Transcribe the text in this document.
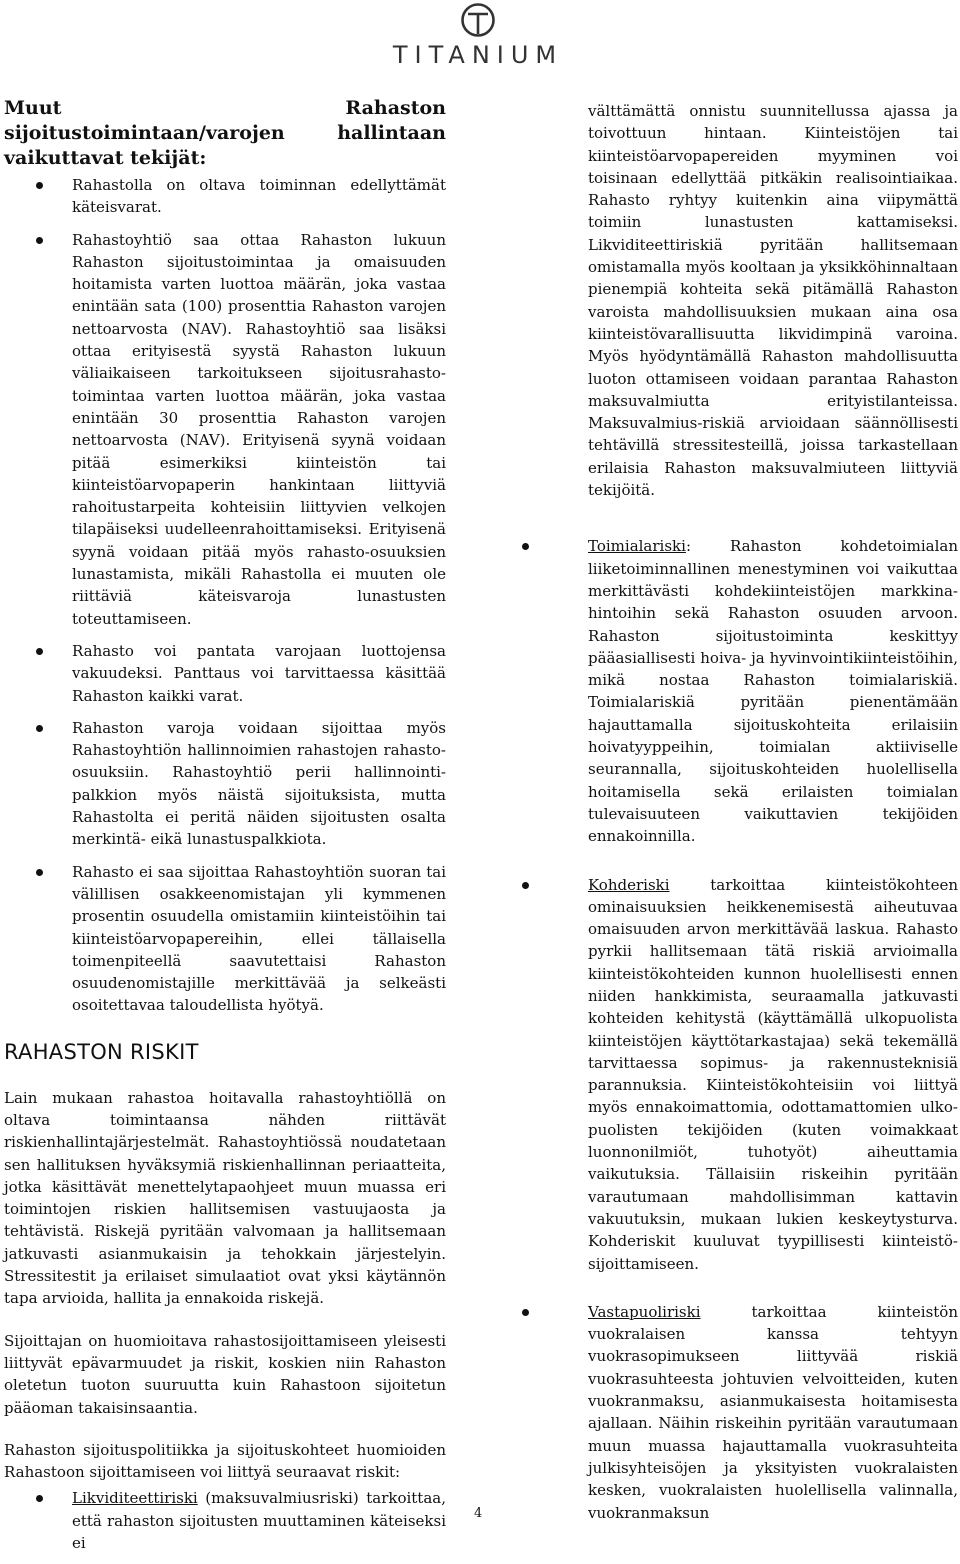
TITANIUM
Muut Rahaston sijoitustoimintaan/varojen hallintaan vaikuttavat tekijät:
Rahastolla on oltava toiminnan edellyttämät käteisvarat.
Rahastoyhtiö saa ottaa Rahaston lukuun Rahaston sijoitustoimintaa ja omaisuuden hoitamista varten luottoa määrän, joka vastaa enintään sata (100) prosenttia Rahaston varojen nettoarvosta (NAV). Rahastoyhtiö saa lisäksi ottaa erityisestä syystä Rahaston lukuun väliaikaiseen tarkoitukseen sijoitusrahasto-toimintaa varten luottoa määrän, joka vastaa enintään 30 prosenttia Rahaston varojen nettoarvosta (NAV). Erityisenä syynä voidaan pitää esimerkiksi kiinteistön tai kiinteistöarvopaperin hankintaan liittyviä rahoitustarpeita kohteisiin liittyvien velkojen tilapäiseksi uudelleenrahoittamiseksi. Erityisenä syynä voidaan pitää myös rahasto-osuuksien lunastamista, mikäli Rahastolla ei muuten ole riittäviä käteisvaroja lunastusten toteuttamiseen.
Rahasto voi pantata varojaan luottojensa vakuudeksi. Panttaus voi tarvittaessa käsittää Rahaston kaikki varat.
Rahaston varoja voidaan sijoittaa myös Rahastoyhtiön hallinnoimien rahastojen rahasto-osuuksiin. Rahastoyhtiö perii hallinnointi-palkkion myös näistä sijoituksista, mutta Rahastolta ei peritä näiden sijoitusten osalta merkintä- eikä lunastuspalkkiota.
Rahasto ei saa sijoittaa Rahastoyhtiön suoran tai välillisen osakkeenomistajan yli kymmenen prosentin osuudella omistamiin kiinteistöihin tai kiinteistöarvopapereihin, ellei tällaisella toimenpiteellä saavutettaisi Rahaston osuudenomistajille merkittävää ja selkeästi osoitettavaa taloudellista hyötyä.
RAHASTON RISKIT

Lain mukaan rahastoa hoitavalla rahastoyhtiöllä on oltava toimintaansa nähden riittävät riskienhallintajärjestelmät. Rahastoyhtiössä noudatetaan sen hallituksen hyväksymiä riskienhallinnan periaatteita, jotka käsittävät menettelytapaohjeet muun muassa eri toimintojen riskien hallitsemisen vastuujaosta ja tehtävistä. Riskejä pyritään valvomaan ja hallitsemaan jatkuvasti asianmukaisin ja tehokkain järjestelyin. Stressitestit ja erilaiset simulaatiot ovat yksi käytännön tapa arvioida, hallita ja ennakoida riskejä.

Sijoittajan on huomioitava rahastosijoittamiseen yleisesti liittyvät epävarmuudet ja riskit, koskien niin Rahaston oletetun tuoton suuruutta kuin Rahastoon sijoitetun pääoman takaisinsaantia.

Rahaston sijoituspolitiikka ja sijoituskohteet huomioiden Rahastoon sijoittamiseen voi liittyä seuraavat riskit:

Likviditeettiriski (maksuvalmiusriski) tarkoittaa, että rahaston sijoitusten muuttaminen käteiseksi ei

välttämättä onnistu suunnitellussa ajassa ja toivottuun hintaan. Kiinteistöjen tai kiinteistöarvopapereiden myyminen voi toisinaan edellyttää pitkäkin realisointiaikaa. Rahasto ryhtyy kuitenkin aina viipymättä toimiin lunastusten kattamiseksi. Likviditeettiriskiä pyritään hallitsemaan omistamalla myös kooltaan ja yksikköhinnaltaan pienempiä kohteita sekä pitämällä Rahaston varoista mahdollisuuksien mukaan aina osa kiinteistövarallisuutta likvidimpinä varoina. Myös hyödyntämällä Rahaston mahdollisuutta luoton ottamiseen voidaan parantaa Rahaston maksuvalmiutta erityistilanteissa. Maksuvalmius-riskiä arvioidaan säännöllisesti tehtävillä stressitesteillä, joissa tarkastellaan erilaisia Rahaston maksuvalmiuteen liittyviä tekijöitä.

Toimialariski: Rahaston kohdetoimialan liiketoiminnallinen menestyminen voi vaikuttaa merkittävästi kohdekiinteistöjen markkina-hintoihin sekä Rahaston osuuden arvoon. Rahaston sijoitustoiminta keskittyy pääasiallisesti hoiva- ja hyvinvointikiinteistöihin, mikä nostaa Rahaston toimialariskiä. Toimialariskiä pyritään pienentämään hajauttamalla sijoituskohteita erilaisiin hoivatyyppeihin, toimialan aktiiviselle seurannalla, sijoituskohteiden huolellisella hoitamisella sekä erilaisten toimialan tulevaisuuteen vaikuttavien tekijöiden ennakoinnilla.
Kohderiski tarkoittaa kiinteistökohteen ominaisuuksien heikkenemisestä aiheutuvaa omaisuuden arvon merkittävää laskua. Rahasto pyrkii hallitsemaan tätä riskiä arvioimalla kiinteistökohteiden kunnon huolellisesti ennen niiden hankkimista, seuraamalla jatkuvasti kohteiden kehitystä (käyttämällä ulkopuolista kiinteistöjen käyttötarkastajaa) sekä tekemällä tarvittaessa sopimus- ja rakennusteknisiä parannuksia. Kiinteistökohteisiin voi liittyä myös ennakoimattomia, odottamattomien ulko-puolisten tekijöiden (kuten voimakkaat luonnonilmiöt, tuhotyöt) aiheuttamia vaikutuksia. Tällaisiin riskeihin pyritään varautumaan mahdollisimman kattavin vakuutuksin, mukaan lukien keskeytysturva. Kohderiskit kuuluvat tyypillisesti kiinteistö-sijoittamiseen.
Vastapuoliriski tarkoittaa kiinteistön vuokralaisen kanssa tehtyyn vuokrasopimukseen liittyvää riskiä vuokrasuhteesta johtuvien velvoitteiden, kuten vuokranmaksu, asianmukaisesta hoitamisesta ajallaan. Näihin riskeihin pyritään varautumaan muun muassa hajauttamalla vuokrasuhteita julkisyhteisöjen ja yksityisten vuokralaisten kesken, vuokralaisten huolellisella valinnalla, vuokranmaksun
4
